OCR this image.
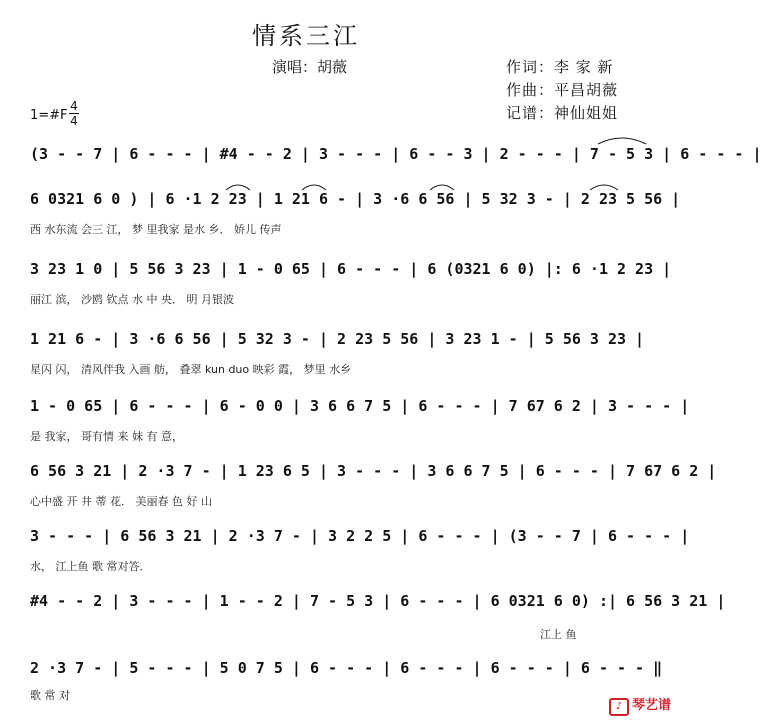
情系三江
演唱：胡薇	作词：李 家 新
作曲：平昌胡薇
记谱：神仙姐姐
1=#F
4
4
(3 - - 7 | 6 - - - | #4 - - 2 | 3 - - - | 6 - - 3 | 2 - - - | 7 - 5 3 | 6 - - - |
6 0321 6 0 ) | 6 ·1 2 23 | 1 21 6 - | 3 ·6 6 56 | 5 32 3 - | 2 23 5 56 |
西 水东流 会三 江， 梦 里我家 是水 乡． 娇儿 传声
3 23 1 0 | 5 56 3 23 | 1 - 0 65 | 6 - - - | 6 (0321 6 0) |: 6 ·1 2 23 |
丽江 滨， 沙鸥 钦点 水 中 央． 明 月银波
1 21 6 - | 3 ·6 6 56 | 5 32 3 - | 2 23 5 56 | 3 23 1 - | 5 56 3 23 |
星闪 闪， 清风伴我 入画 舫， 叠翠 kun duo 映彩 霞， 梦里 水乡
1 - 0 65 | 6 - - - | 6 - 0 0 | 3 6 6 7 5 | 6 - - - | 7 67 6 2 | 3 - - - |
是 我家， 哥有情 来 妹 有 意，
6 56 3 21 | 2 ·3 7 - | 1 23 6 5 | 3 - - - | 3 6 6 7 5 | 6 - - - | 7 67 6 2 |
心中盛 开 井 蒂 花． 美丽春 色 好 山
3 - - - | 6 56 3 21 | 2 ·3 7 - | 3 2 2 5 | 6 - - - | (3 - - 7 | 6 - - - |
水， 江上鱼 歌 常对答．
#4 - - 2 | 3 - - - | 1 - - 2 | 7 - 5 3 | 6 - - - | 6 0321 6 0) :| 6 56 3 21 |
江上 鱼
2 ·3 7 - | 5 - - - | 5 0 7 5 | 6 - - - | 6 - - - | 6 - - - | 6 - - - ‖
歌 常 对
♪ 琴艺谱
